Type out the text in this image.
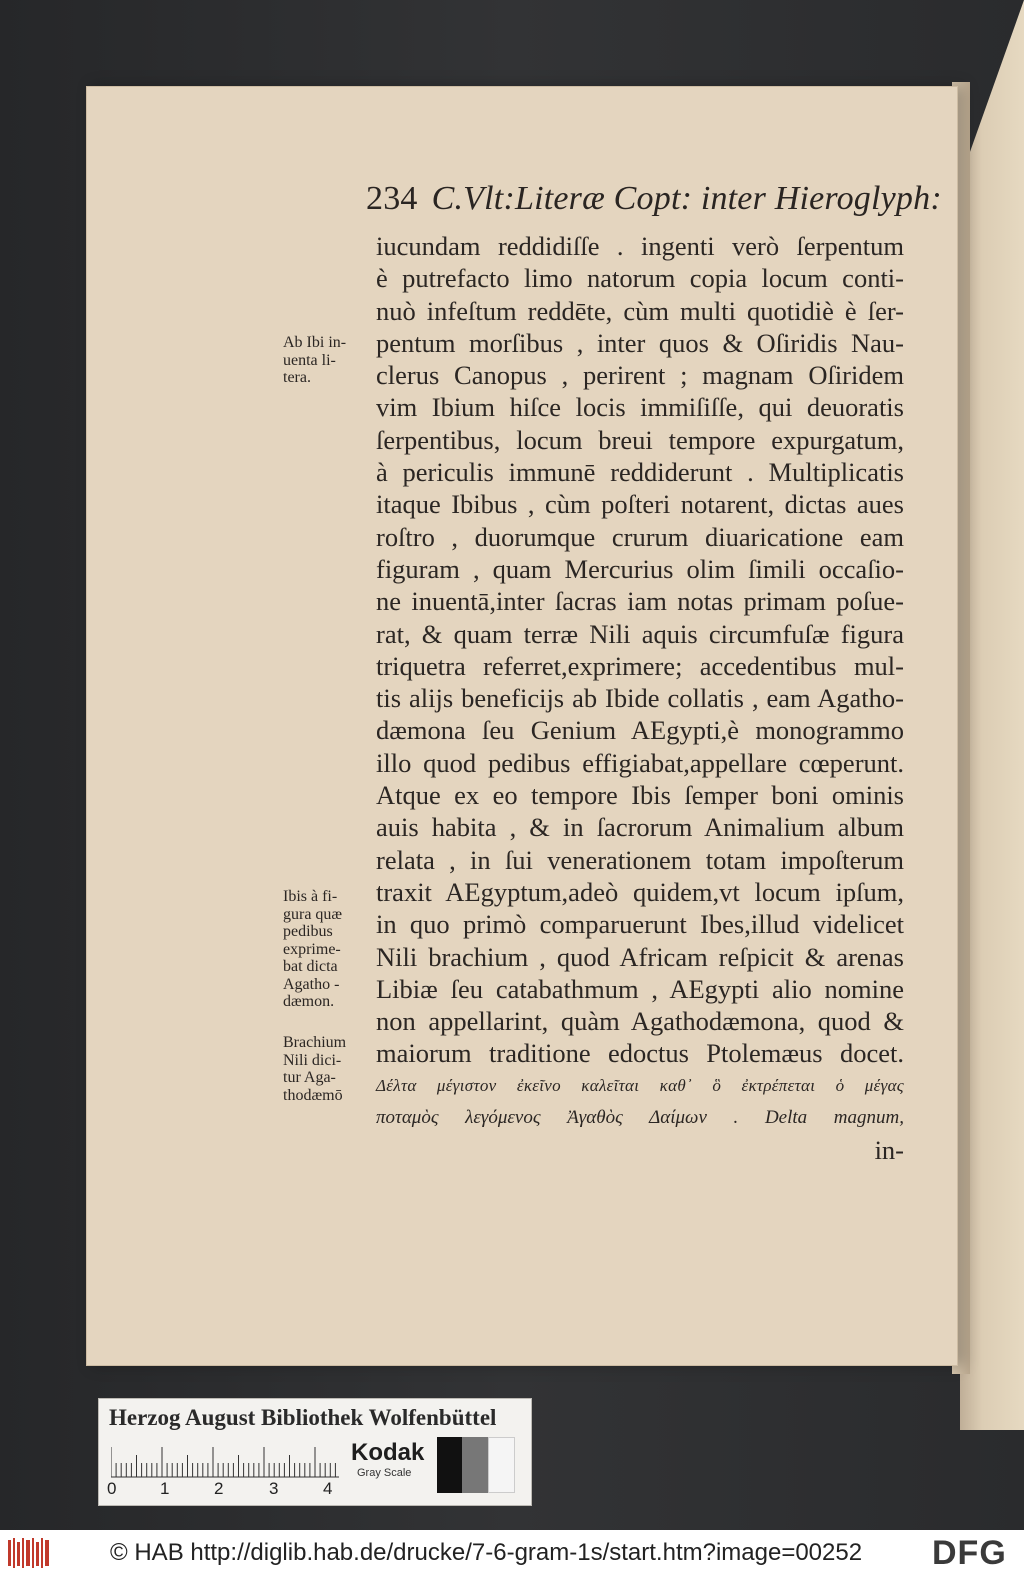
234 C.Vlt:Literæ Copt: inter Hieroglyph:
iucundam reddidiſſe . ingenti verò ſerpentum
è putrefacto limo natorum copia locum conti-
nuò infeſtum reddēte, cùm multi quotidiè è ſer-
pentum morſibus , inter quos & Oſiridis Nau-
clerus Canopus , perirent ; magnam Oſiridem
vim Ibium hiſce locis immiſiſſe, qui deuoratis
ſerpentibus, locum breui tempore expurgatum,
à periculis immunē reddiderunt . Multiplicatis
itaque Ibibus , cùm poſteri notarent, dictas aues
roſtro , duorumque crurum diuaricatione eam
figuram , quam Mercurius olim ſimili occaſio-
ne inuentā,inter ſacras iam notas primam poſue-
rat, & quam terræ Nili aquis circumfuſæ figura
triquetra referret,exprimere; accedentibus mul-
tis alijs beneficijs ab Ibide collatis , eam Agatho-
dæmona ſeu Genium AEgypti,è monogrammo
illo quod pedibus effigiabat,appellare cœperunt.
Atque ex eo tempore Ibis ſemper boni ominis
auis habita , & in ſacrorum Animalium album
relata , in ſui venerationem totam impoſterum
traxit AEgyptum,adeò quidem,vt locum ipſum,
in quo primò comparuerunt Ibes,illud videlicet
Nili brachium , quod Africam reſpicit & arenas
Libiæ ſeu catabathmum , AEgypti alio nomine
non appellarint, quàm Agathodæmona, quod &
maiorum traditione edoctus Ptolemæus docet.
Δέλτα μέγιστον ἐκεῖνο καλεῖται καθ᾽ ὃ ἐκτρέπεται ὁ μέγας
ποταμὸς λεγόμενος Ἀγαθὸς Δαίμων . Delta magnum,
in-
Ab Ibi in-
uenta li-
tera.
Ibis à fi-
gura quæ
pedibus
exprime-
bat dicta
Agatho -
dæmon.
Brachium
Nili dici-
tur Aga-
thodæmō
Herzog August Bibliothek Wolfenbüttel
0	1	2	3	4
Kodak
Gray Scale
© HAB http://diglib.hab.de/drucke/7-6-gram-1s/start.htm?image=00252 DFG
